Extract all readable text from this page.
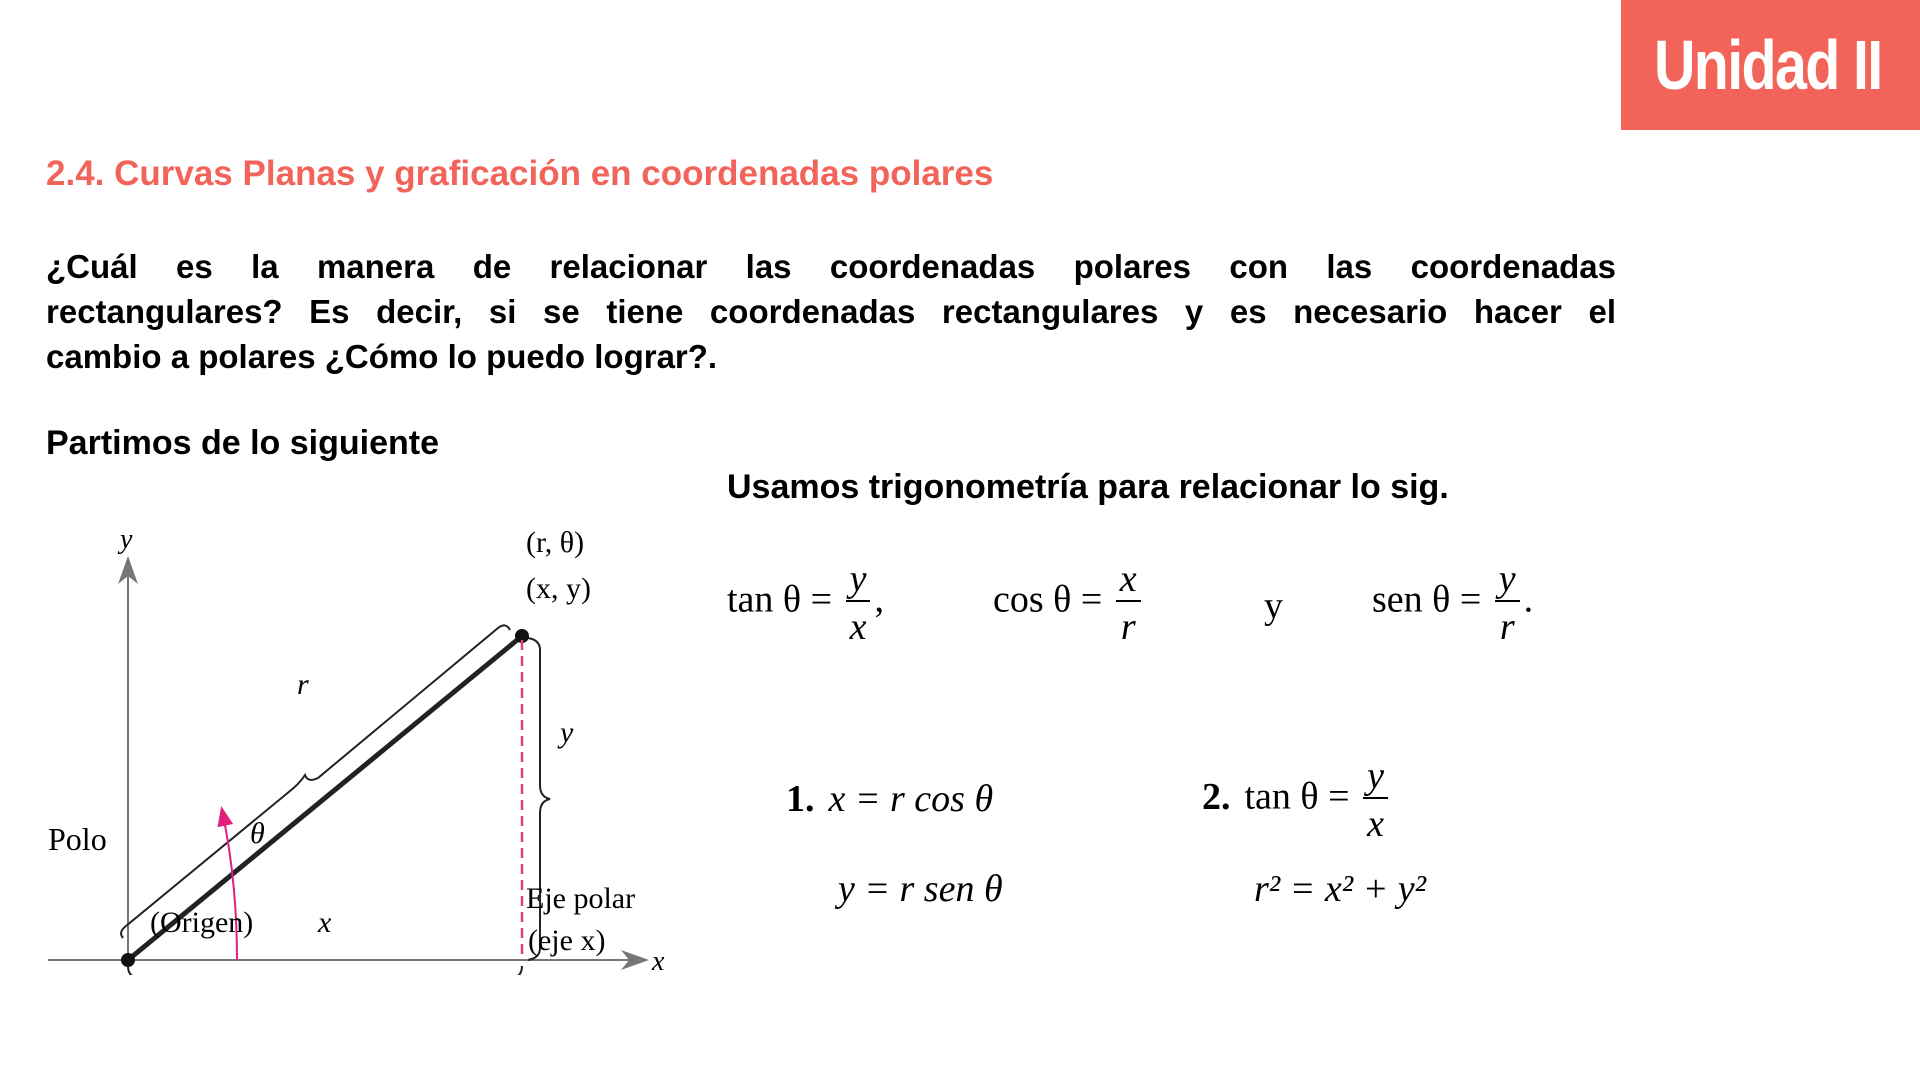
Unidad II
2.4. Curvas Planas y graficación en coordenadas polares

¿Cuál es la manera de relacionar las coordenadas polares con las coordenadas

rectangulares? Es decir, si se tiene coordenadas rectangulares y es necesario hacer el

cambio a polares ¿Cómo lo puedo lograr?.

Partimos de lo siguiente
y
x
(r, θ)
(x, y)
r
y
θ
Polo
(Origen) x
Eje polar
(eje x)
Usamos trigonometría para relacionar lo sig.
$\tan \theta = \frac{y}{x}$ ,	$\cos \theta = \frac{x}{r}$	y sen $\theta = \frac{y}{r}$ .
1. x = r cos θ
y = r sen θ
2. $\tan \theta = \frac{y}{x}$
r² = x² + y²
